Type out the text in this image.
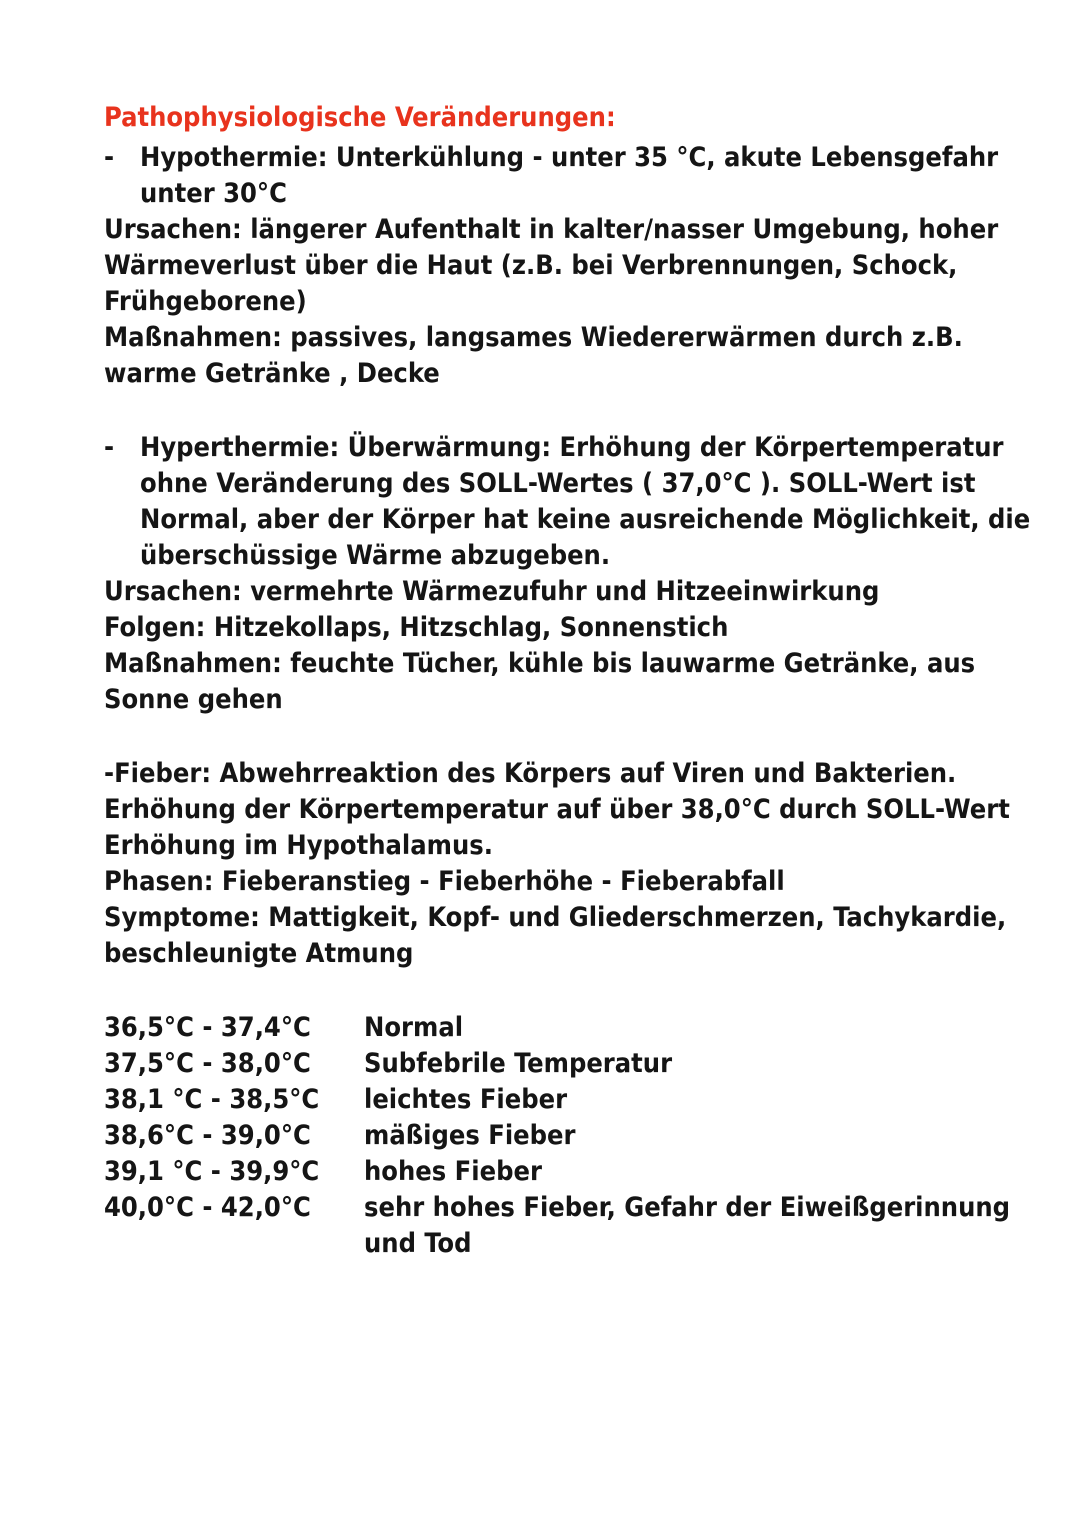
Pathophysiologische Veränderungen:

- Hypothermie: Unterkühlung - unter 35 °C, akute Lebensgefahr

unter 30°C

Ursachen: längerer Aufenthalt in kalter/nasser Umgebung, hoher

Wärmeverlust über die Haut (z.B. bei Verbrennungen, Schock,

Frühgeborene)

Maßnahmen: passives, langsames Wiedererwärmen durch z.B.

warme Getränke , Decke

- Hyperthermie: Überwärmung: Erhöhung der Körpertemperatur

ohne Veränderung des SOLL-Wertes ( 37,0°C ). SOLL-Wert ist

Normal, aber der Körper hat keine ausreichende Möglichkeit, die

überschüssige Wärme abzugeben.

Ursachen: vermehrte Wärmezufuhr und Hitzeeinwirkung

Folgen: Hitzekollaps, Hitzschlag, Sonnenstich

Maßnahmen: feuchte Tücher, kühle bis lauwarme Getränke, aus

Sonne gehen

-Fieber: Abwehrreaktion des Körpers auf Viren und Bakterien.

Erhöhung der Körpertemperatur auf über 38,0°C durch SOLL-Wert

Erhöhung im Hypothalamus.

Phasen: Fieberanstieg - Fieberhöhe - Fieberabfall

Symptome: Mattigkeit, Kopf- und Gliederschmerzen, Tachykardie,

beschleunigte Atmung

36,5°C - 37,4°C Normal
37,5°C - 38,0°C Subfebrile Temperatur
38,1 °C - 38,5°C leichtes Fieber
38,6°C - 39,0°C mäßiges Fieber
39,1 °C - 39,9°C hohes Fieber
40,0°C - 42,0°C sehr hohes Fieber, Gefahr der Eiweißgerinnung
und Tod
